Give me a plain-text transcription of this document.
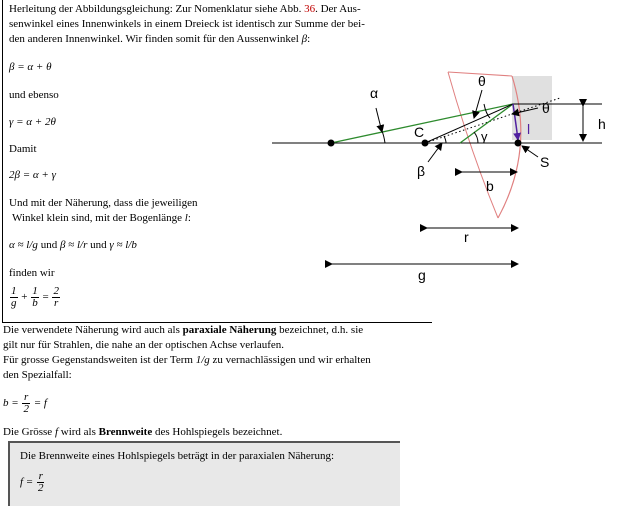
Herleitung der Abbildungsgleichung: Zur Nomenklatur siehe Abb. 36. Der Aus-
senwinkel eines Innenwinkels in einem Dreieck ist identisch zur Summe der bei-
den anderen Innenwinkel. Wir finden somit für den Aussenwinkel β:
β = α + θ
und ebenso
γ = α + 2θ
Damit
2β = α + γ
Und mit der Näherung, dass die jeweiligen
Winkel klein sind, mit der Bogenlänge l:
α ≈ l/g und β ≈ l/r und γ ≈ l/b
finden wir
$\frac{1}{g} + \frac{1}{b} = \frac{2}{r}$
Die verwendete Näherung wird auch als paraxiale Näherung bezeichnet, d.h. sie
gilt nur für Strahlen, die nahe an der optischen Achse verlaufen.
Für grosse Gegenstandsweiten ist der Term 1/g zu vernachlässigen und wir erhalten
den Spezialfall:
$b = \frac{r}{2} = f$
Die Grösse f wird als Brennweite des Hohlspiegels bezeichnet.
Die Brennweite eines Hohlspiegels beträgt in der paraxialen Näherung:
$f = \frac{r}{2}$
α
θ
θ
C	γ	l	h
β
S
b
r
g
